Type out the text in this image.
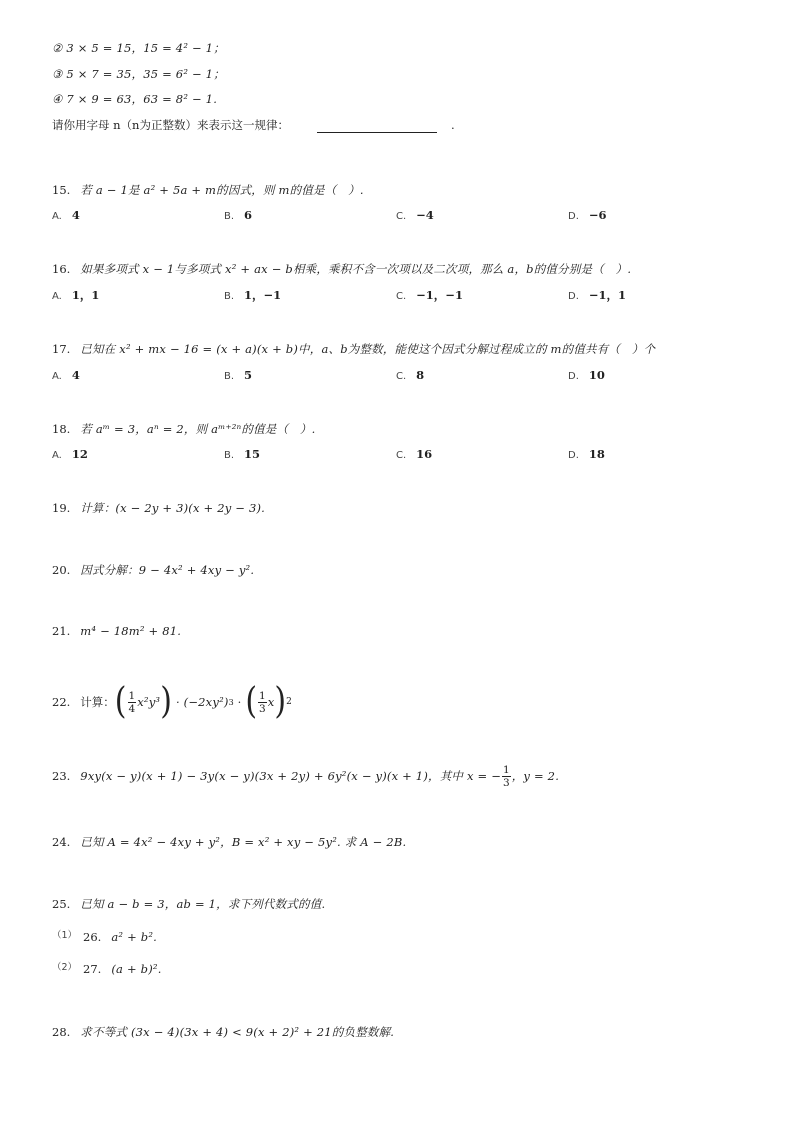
② 3 × 5 = 15，15 = 4² − 1；
③ 5 × 7 = 35，35 = 6² − 1；
④ 7 × 9 = 63，63 = 8² − 1.
请你用字母 n（n为正整数）来表示这一规律：	.
15. 若 a − 1是 a² + 5a + m的因式，则 m的值是（　）.
A. 4	B. 6	C. −4	D. −6
16. 如果多项式 x − 1与多项式 x² + ax − b相乘，乘积不含一次项以及二次项，那么 a，b的值分别是（　）.
A. 1，1	B. 1，−1	C. −1，−1	D. −1，1
17. 已知在 x² + mx − 16 = (x + a)(x + b)中，a、b为整数，能使这个因式分解过程成立的 m的值共有（　）个
A. 4	B. 5	C. 8	D. 10
18. 若 aᵐ = 3，aⁿ = 2，则 aᵐ⁺²ⁿ的值是（　）.
A. 12	B. 15	C. 16	D. 18
19. 计算：(x − 2y + 3)(x + 2y − 3).
20. 因式分解：9 − 4x² + 4xy − y².
21. m⁴ − 18m² + 81.
22. 计算： ( $\frac{1}{4} x^2y^3$ ) · (−2xy²) 3 · ( $\frac{1}{3}$ x ) 2
23. 9xy(x − y)(x + 1) − 3y(x − y)(3x + 2y) + 6y²(x − y)(x + 1)，其中 x = − $\frac{1}{3}$ ，y = 2.
24. 已知 A = 4x² − 4xy + y²，B = x² + xy − 5y². 求 A − 2B.
25. 已知 a − b = 3，ab = 1，求下列代数式的值.
$^{(1)}$ 26. a² + b².
$^{(2)}$ 27. (a + b)².
28. 求不等式 (3x − 4)(3x + 4) < 9(x + 2)² + 21的负整数解.
